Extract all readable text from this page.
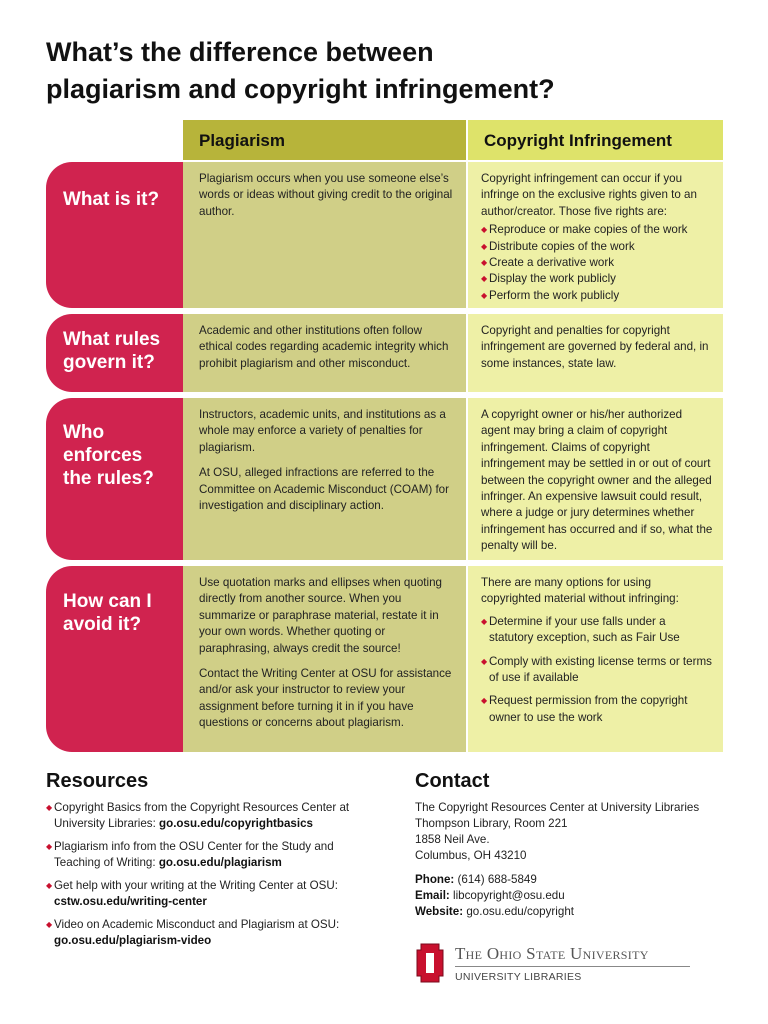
What’s the difference between
plagiarism and copyright infringement?
Plagiarism	Copyright Infringement
What is it?

Plagiarism occurs when you use someone else’s words or ideas without giving credit to the original author.

Copyright infringement can occur if you infringe on the exclusive rights given to an author/creator. Those five rights are:

◆ Reproduce or make copies of the work
◆ Distribute copies of the work
◆ Create a derivative work
◆ Display the work publicly
◆ Perform the work publicly
What rules govern it?

Academic and other institutions often follow ethical codes regarding academic integrity which prohibit plagiarism and other misconduct.

Copyright and penalties for copyright infringement are governed by federal and, in some instances, state law.

Who enforces the rules?

Instructors, academic units, and institutions as a whole may enforce a variety of penalties for plagiarism.

At OSU, alleged infractions are referred to the Committee on Academic Misconduct (COAM) for investigation and disciplinary action.

A copyright owner or his/her authorized agent may bring a claim of copyright infringement. Claims of copyright infringement may be settled in or out of court between the copyright owner and the alleged infringer. An expensive lawsuit could result, where a judge or jury determines whether infringement has occurred and if so, what the penalty will be.

How can I avoid it?

Use quotation marks and ellipses when quoting directly from another source. When you summarize or paraphrase material, restate it in your own words. Whether quoting or paraphrasing, always credit the source!

Contact the Writing Center at OSU for assistance and/or ask your instructor to review your assignment before turning it in if you have questions or concerns about plagiarism.

There are many options for using copyrighted material without infringing:

◆ Determine if your use falls under a statutory exception, such as Fair Use
◆ Comply with existing license terms or terms of use if available
◆ Request permission from the copyright owner to use the work
Resources
◆ Copyright Basics from the Copyright Resources Center at University Libraries: go.osu.edu/copyrightbasics
◆ Plagiarism info from the OSU Center for the Study and Teaching of Writing: go.osu.edu/plagiarism
◆ Get help with your writing at the Writing Center at OSU: cstw.osu.edu/writing-center
◆ Video on Academic Misconduct and Plagiarism at OSU: go.osu.edu/plagiarism-video
Contact
The Copyright Resources Center at University Libraries
Thompson Library, Room 221
1858 Neil Ave.
Columbus, OH 43210
Phone: (614) 688-5849
Email: libcopyright@osu.edu
Website: go.osu.edu/copyright
The Ohio State University
UNIVERSITY LIBRARIES
